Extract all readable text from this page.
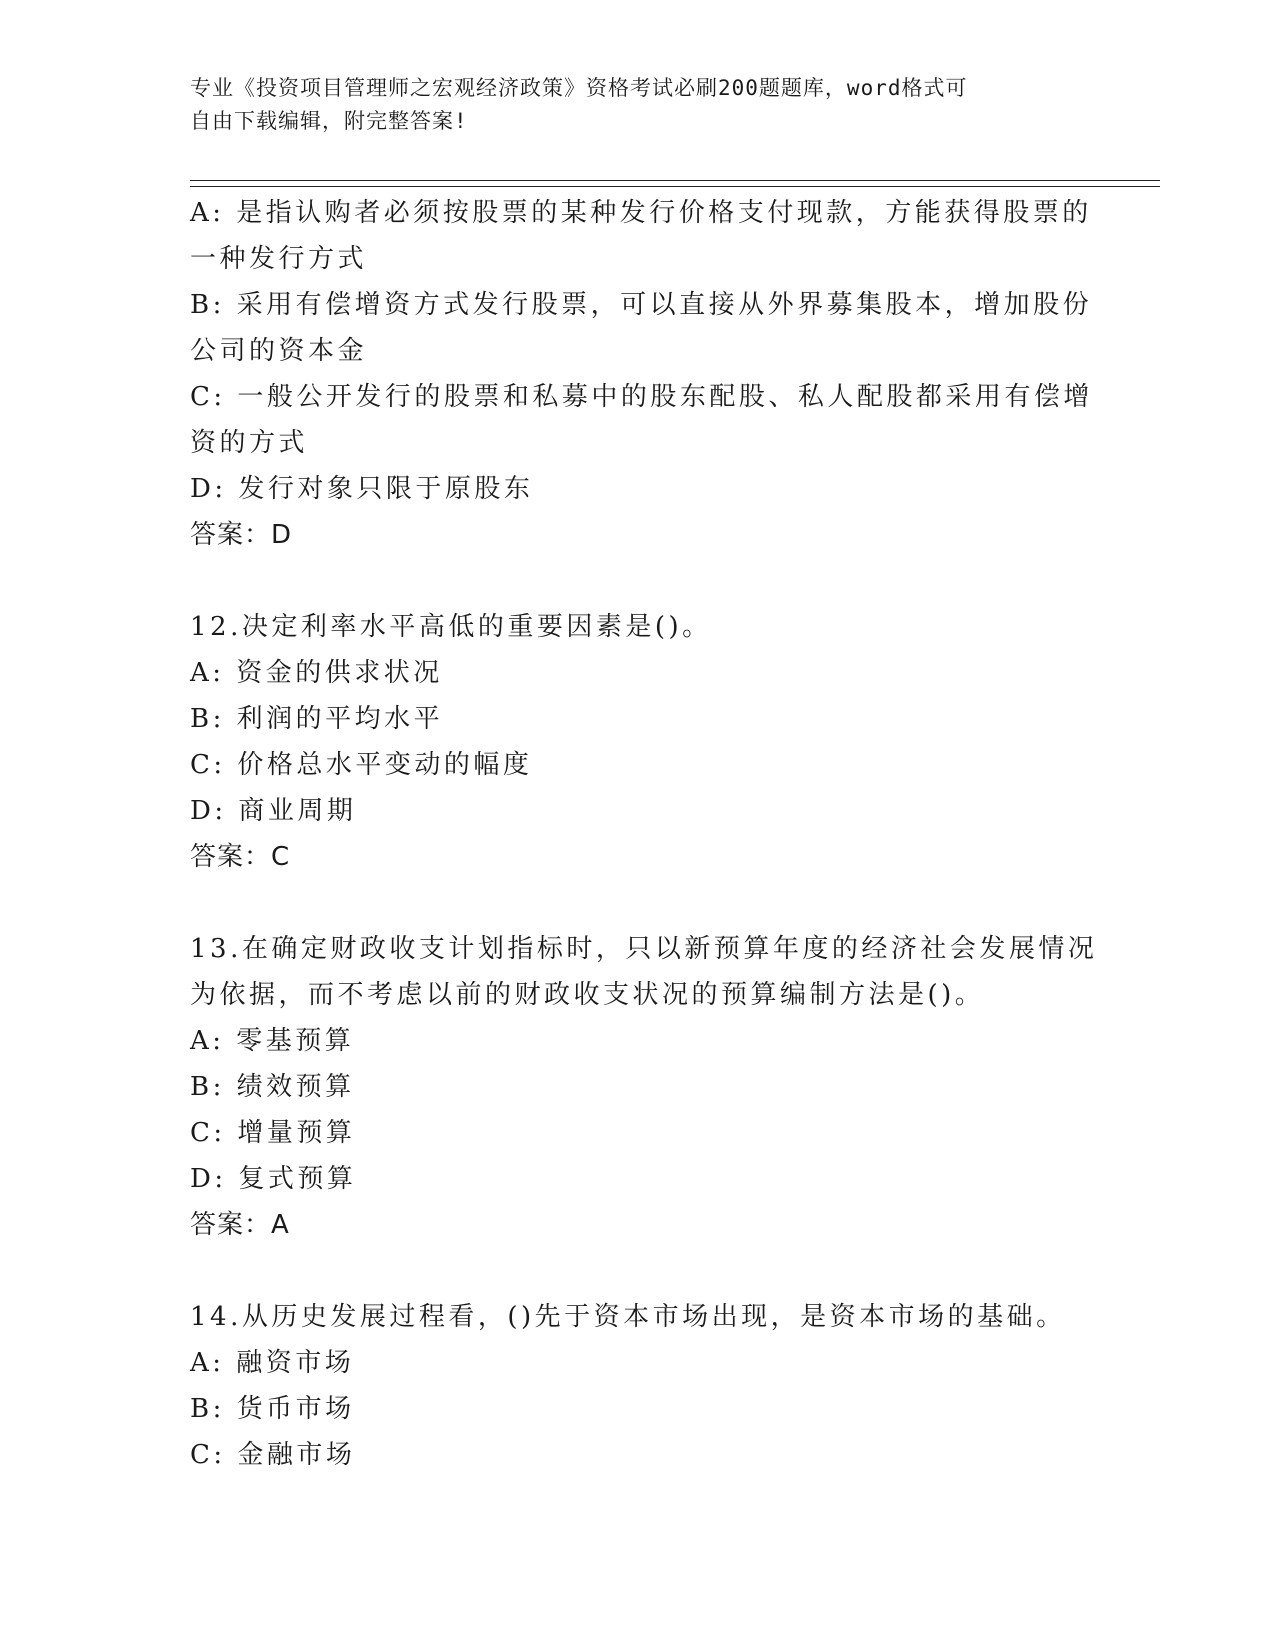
专业《投资项目管理师之宏观经济政策》资格考试必刷200题题库，word格式可
自由下载编辑，附完整答案!
A: 是指认购者必须按股票的某种发行价格支付现款，方能获得股票的
一种发行方式
B: 采用有偿增资方式发行股票，可以直接从外界募集股本，增加股份
公司的资本金
C: 一般公开发行的股票和私募中的股东配股、私人配股都采用有偿增
资的方式
D: 发行对象只限于原股东
答案：D
12.决定利率水平高低的重要因素是()。
A: 资金的供求状况
B: 利润的平均水平
C: 价格总水平变动的幅度
D: 商业周期
答案：C
13.在确定财政收支计划指标时，只以新预算年度的经济社会发展情况
为依据，而不考虑以前的财政收支状况的预算编制方法是()。
A: 零基预算
B: 绩效预算
C: 增量预算
D: 复式预算
答案：A
14.从历史发展过程看，()先于资本市场出现，是资本市场的基础。
A: 融资市场
B: 货币市场
C: 金融市场
